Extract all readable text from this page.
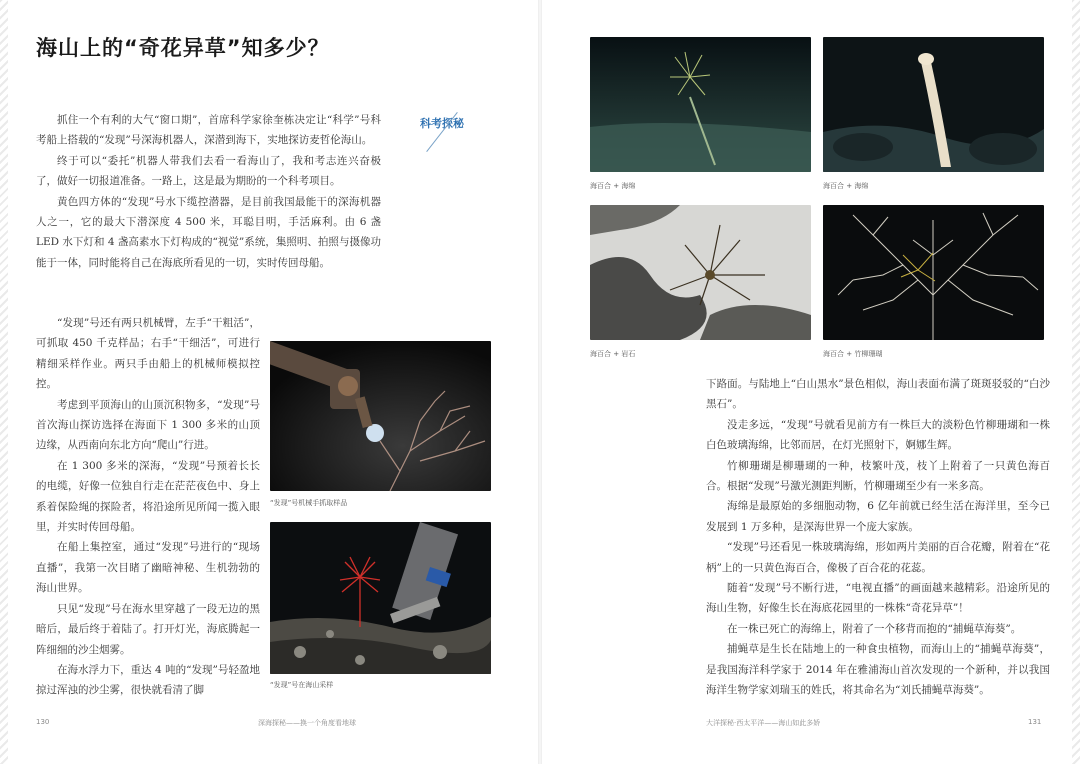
海山上的“奇花异草”知多少？
科考探秘

抓住一个有利的大气“窗口期”，首席科学家徐奎栋决定让“科学”号科考船上搭载的“发现”号深海机器人，深潜到海下，实地探访麦哲伦海山。

终于可以“委托”机器人带我们去看一看海山了，我和考志连兴奋极了，做好一切报道准备。一路上，这是最为期盼的一个科考项目。

黄色四方体的“发现”号水下缆控潜器，是目前我国最能干的深海机器人之一，它的最大下潜深度 4 500 米，耳聪目明，手活麻利。由 6 盏 LED 水下灯和 4 盏高素水下灯构成的“视觉”系统，集照明、拍照与摄像功能于一体，同时能将自己在海底所看见的一切，实时传回母船。

“发现”号还有两只机械臂，左手“干粗活”，可抓取 450 千克样品；右手“干细活”，可进行精细采样作业。两只手由船上的机械师模拟控控。

考虑到平顶海山的山顶沉积物多，“发现”号首次海山探访选择在海面下 1 300 多米的山顶边缘，从西南向东北方向“爬山”行进。

在 1 300 多米的深海，“发现”号预着长长的电缆，好像一位独自行走在茫茫夜色中、身上系着保险绳的探险者，将沿途所见所闻一揽入眼里，并实时传回母船。

在船上集控室，通过“发现”号进行的“现场直播”，我第一次目睹了幽暗神秘、生机勃勃的海山世界。

只见“发现”号在海水里穿越了一段无边的黑暗后，最后终于着陆了。打开灯光，海底腾起一阵细细的沙尘烟雾。

在海水浮力下，重达 4 吨的“发现”号轻盈地掠过浑浊的沙尘雾，很快就看清了脚

“发现”号机械手抓取样品
“发现”号在海山采样
130	深海探秘——换一个角度看地球
海百合 + 海绵	海百合 + 海绵
海百合 + 岩石	海百合 + 竹柳珊瑚

下路面。与陆地上“白山黑水”景色相似，海山表面布满了斑斑驳驳的“白沙黑石”。

没走多远，“发现”号就看见前方有一株巨大的淡粉色竹柳珊瑚和一株白色玻璃海绵，比邻而居，在灯光照射下，婀娜生辉。

竹柳珊瑚是柳珊瑚的一种，枝繁叶茂，枝丫上附着了一只黄色海百合。根据“发现”号激光测距判断，竹柳珊瑚至少有一米多高。

海绵是最原始的多细胞动物，6 亿年前就已经生活在海洋里，至今已发展到 1 万多种，是深海世界一个庞大家族。

“发现”号还看见一株玻璃海绵，形如两片美丽的百合花瓣，附着在“花柄”上的一只黄色海百合，像极了百合花的花蕊。

随着“发现”号不断行进，“电视直播”的画面越来越精彩。沿途所见的海山生物，好像生长在海底花园里的一株株“奇花异草”！

在一株已死亡的海绵上，附着了一个移背而抱的“捕蝇草海葵”。

捕蝇草是生长在陆地上的一种食虫植物，而海山上的“捕蝇草海葵”，是我国海洋科学家于 2014 年在雅浦海山首次发现的一个新种，并以我国海洋生物学家刘瑞玉的姓氏，将其命名为“刘氏捕蝇草海葵”。

大洋探秘·西太平洋——海山如此多娇	131
